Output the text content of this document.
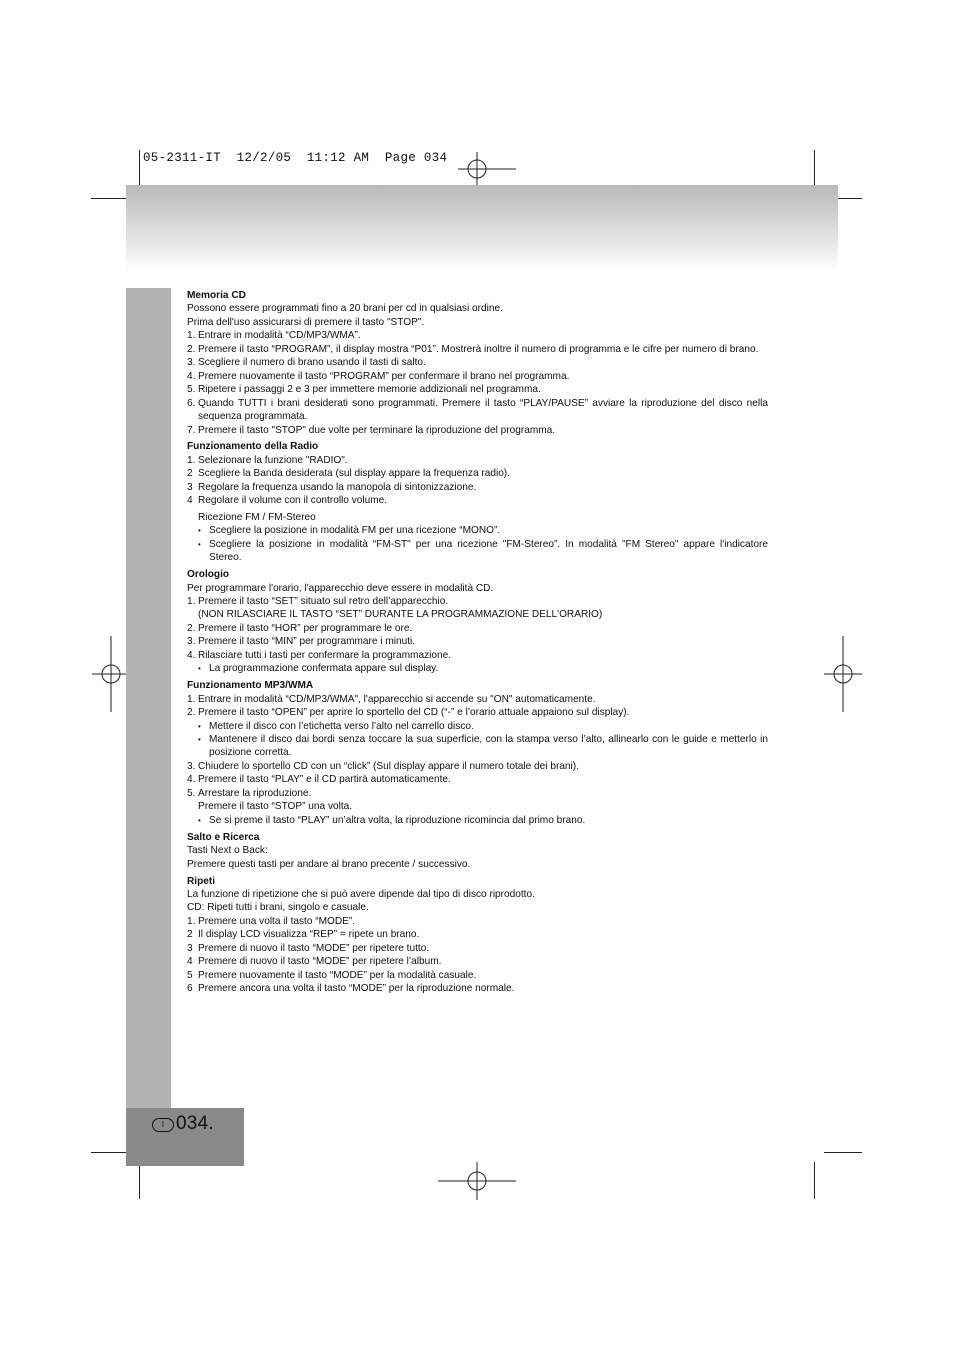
05-2311-IT  12/2/05  11:12 AM  Page 034
I 034.
Memoria CD

Possono essere programmati fino a 20 brani per cd in qualsiasi ordine.

Prima dell'uso assicurarsi di premere il tasto "STOP".

1. Entrare in modalità “CD/MP3/WMA”.
2. Premere il tasto “PROGRAM”, il display mostra “P01”. Mostrerà inoltre il numero di programma e le cifre per numero di brano.
3. Scegliere il numero di brano usando il tasti di salto.
4. Premere nuovamente il tasto “PROGRAM” per confermare il brano nel programma.
5. Ripetere i passaggi 2 e 3 per immettere memorie addizionali nel programma.
6. Quando TUTTI i brani desiderati sono programmati. Premere il tasto “PLAY/PAUSE” avviare la riproduzione del disco nella sequenza programmata.
7. Premere il tasto "STOP" due volte per terminare la riproduzione del programma.
Funzionamento della Radio
1. Selezionare la funzione "RADIO".
2 Scegliere la Banda desiderata (sul display appare la frequenza radio).
3 Regolare la frequenza usando la manopola di sintonizzazione.
4 Regolare il volume con il controllo volume.
Ricezione FM / FM-Stereo
• Scegliere la posizione in modalità FM per una ricezione “MONO”.
• Scegliere la posizione in modalità “FM-ST" per una ricezione "FM-Stereo”. In modalità "FM Stereo" appare l'indicatore Stereo.
Orologio

Per programmare l'orario, l'apparecchio deve essere in modalità CD.

1. Premere il tasto “SET” situato sul retro dell’apparecchio.
(NON RILASCIARE IL TASTO “SET” DURANTE LA PROGRAMMAZIONE DELL'ORARIO)
2. Premere il tasto “HOR” per programmare le ore.
3. Premere il tasto “MIN” per programmare i minuti.
4. Rilasciare tutti i tasti per confermare la programmazione.
• La programmazione confermata appare sul display.
Funzionamento MP3/WMA
1. Entrare in modalità “CD/MP3/WMA", l'apparecchio si accende su "ON" automaticamente.
2. Premere il tasto “OPEN” per aprire lo sportello del CD (“-” e l’orario attuale appaiono sul display).
• Mettere il disco con l’etichetta verso l’alto nel carrello disco.
• Mantenere il disco dai bordi senza toccare la sua superficie, con la stampa verso l’alto, allinearlo con le guide e metterlo in posizione corretta.
3. Chiudere lo sportello CD con un “click” (Sul display appare il numero totale dei brani).
4. Premere il tasto “PLAY” e il CD partirà automaticamente.
5. Arrestare la riproduzione.
Premere il tasto “STOP” una volta.
• Se si preme il tasto “PLAY” un’altra volta, la riproduzione ricomincia dal primo brano.
Salto e Ricerca

Tasti Next o Back:

Premere questi tasti per andare al brano precente / successivo.

Ripeti

La funzione di ripetizione che si può avere dipende dal tipo di disco riprodotto.

CD: Ripeti tutti i brani, singolo e casuale.

1. Premere una volta il tasto “MODE”.
2 Il display LCD visualizza “REP” = ripete un brano.
3 Premere di nuovo il tasto “MODE” per ripetere tutto.
4 Premere di nuovo il tasto “MODE” per ripetere l’album.
5 Premere nuovamente il tasto “MODE” per la modalità casuale.
6 Premere ancora una volta il tasto “MODE” per la riproduzione normale.
